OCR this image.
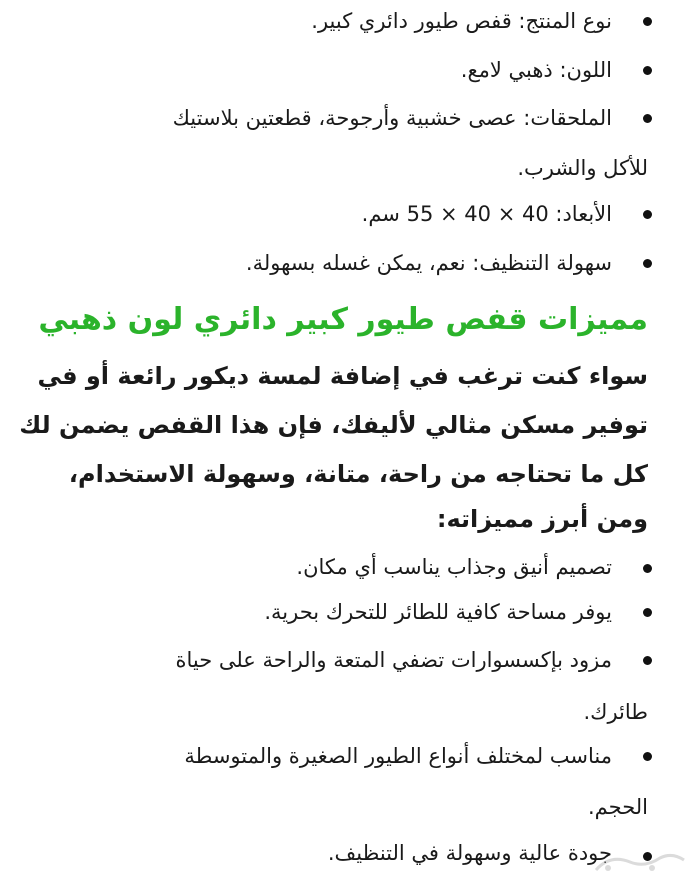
نوع المنتج: قفص طيور دائري كبير.
اللون: ذهبي لامع.
الملحقات: عصى خشبية وأرجوحة، قطعتين بلاستيك
للأكل والشرب.
الأبعاد: 40 × 40 × 55 سم.
سهولة التنظيف: نعم، يمكن غسله بسهولة.
مميزات قفص طيور كبير دائري لون ذهبي
سواء كنت ترغب في إضافة لمسة ديكور رائعة أو في
توفير مسكن مثالي لأليفك، فإن هذا القفص يضمن لك
كل ما تحتاجه من راحة، متانة، وسهولة الاستخدام،
ومن أبرز مميزاته:
تصميم أنيق وجذاب يناسب أي مكان.
يوفر مساحة كافية للطائر للتحرك بحرية.
مزود بإكسسوارات تضفي المتعة والراحة على حياة
طائرك.
مناسب لمختلف أنواع الطيور الصغيرة والمتوسطة
الحجم.
جودة عالية وسهولة في التنظيف.
